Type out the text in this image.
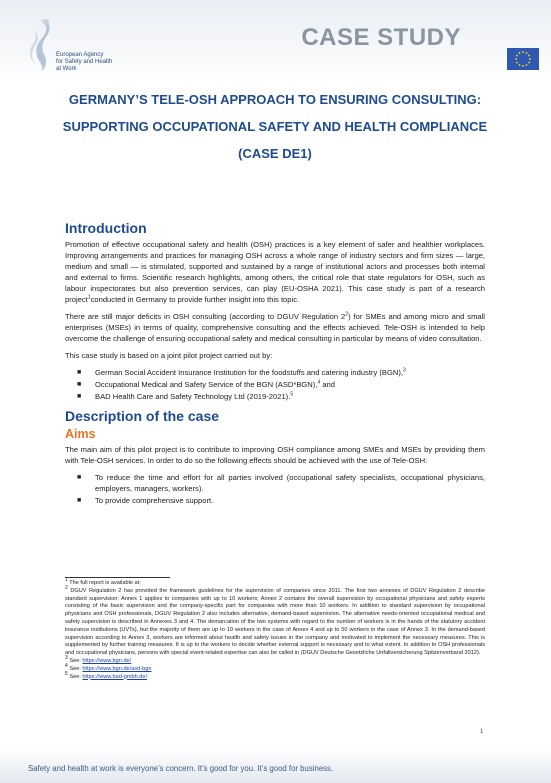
European Agency
for Safety and Health
at Work
CASE STUDY
GERMANY’S TELE-OSH APPROACH TO ENSURING CONSULTING:
SUPPORTING OCCUPATIONAL SAFETY AND HEALTH COMPLIANCE
(CASE DE1)
Introduction

Promotion of effective occupational safety and health (OSH) practices is a key element of safer and healthier workplaces. Improving arrangements and practices for managing OSH across a whole range of industry sectors and firm sizes — large, medium and small — is stimulated, supported and sustained by a range of institutional actors and processes both internal and external to firms. Scientific research highlights, among others, the critical role that state regulators for OSH, such as labour inspectorates but also prevention services, can play (EU-OSHA 2021). This case study is part of a research project$^1$conducted in Germany to provide further insight into this topic.

There are still major deficits in OSH consulting (according to DGUV Regulation $2^2$) for SMEs and among micro and small enterprises (MSEs) in terms of quality, comprehensive consulting and the effects achieved. Tele-OSH is intended to help overcome the challenge of ensuring occupational safety and medical consulting in particular by means of video consultation.

This case study is based on a joint pilot project carried out by:

■ German Social Accident Insurance Institution for the foodstuffs and catering industry (BGN),$^3$
■ Occupational Medical and Safety Service of the BGN (ASD*BGN),$^4$ and
■ BAD Health Care and Safety Technology Ltd (2019-2021).$^5$
Description of the case
Aims

The main aim of this pilot project is to contribute to improving OSH compliance among SMEs and MSEs by providing them with Tele-OSH services. In order to do so the following effects should be achieved with the use of Tele-OSH:

■ To reduce the time and effort for all parties involved (occupational safety specialists, occupational physicians, employers, managers, workers).
■ To provide comprehensive support.
$^1$ The full report is available at:
$^2$ DGUV Regulation 2 has provided the framework guidelines for the supervision of companies since 2011. The first two annexes of DGUV Regulation 2 describe standard supervision: Annex 1 applies to companies with up to 10 workers; Annex 2 contains the overall supervision by occupational physicians and safety experts consisting of the basic supervision and the company-specific part for companies with more than 10 workers. In addition to standard supervision by occupational physicians and OSH professionals, DGUV Regulation 2 also includes alternative, demand-based supervision. The alternative needs-oriented occupational medical and safety supervision is described in Annexes 3 and 4. The demarcation of the two systems with regard to the number of workers is in the hands of the statutory accident insurance institutions (UVTs), but the majority of them are up to 10 workers in the case of Annex 4 and up to 50 workers in the case of Annex 3. In the demand-based supervision according to Annex 3, workers are informed about health and safety issues in the company and motivated to implement the necessary measures. This is supplemented by further training measures. It is up to the workers to decide whether external support is necessary and to what extent. In addition to OSH professionals and occupational physicians, persons with special event-related expertise can also be called in (DGUV Deutsche Gesetzliche Unfallversicherung Spitzenverband 2012).
$^3$ See: https://www.bgn.de/
$^4$ See: https://www.bgn.de/asd-bgn
$^5$ See: https://www.bad-gmbh.de/
1
Safety and health at work is everyone’s concern. It’s good for you. It’s good for business.
